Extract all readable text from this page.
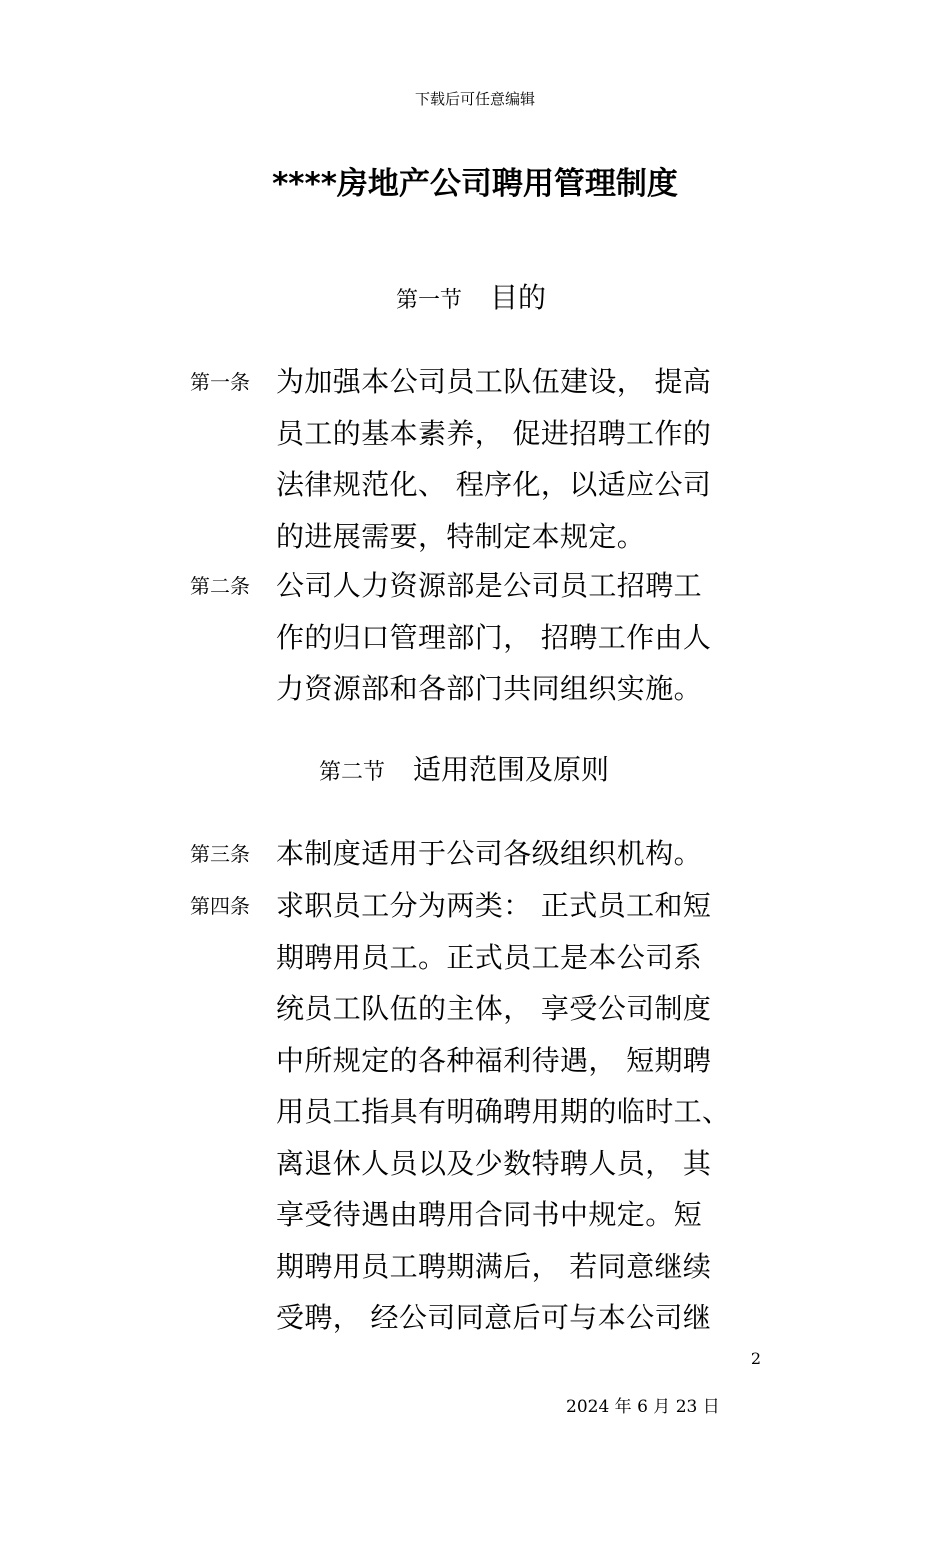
下载后可任意编辑
****房地产公司聘用管理制度
第一节 目的
第一条 为加强本公司员工队伍建设， 提高
员工的基本素养， 促进招聘工作的
法律规范化、 程序化，以适应公司
的进展需要，特制定本规定。
第二条 公司人力资源部是公司员工招聘工
作的归口管理部门， 招聘工作由人
力资源部和各部门共同组织实施。
第二节 适用范围及原则
第三条 本制度适用于公司各级组织机构。
第四条 求职员工分为两类： 正式员工和短
期聘用员工。正式员工是本公司系
统员工队伍的主体， 享受公司制度
中所规定的各种福利待遇， 短期聘
用员工指具有明确聘用期的临时工、
离退休人员以及少数特聘人员， 其
享受待遇由聘用合同书中规定。短
期聘用员工聘期满后， 若同意继续
受聘， 经公司同意后可与本公司继
2
2024 年 6 月 23 日
